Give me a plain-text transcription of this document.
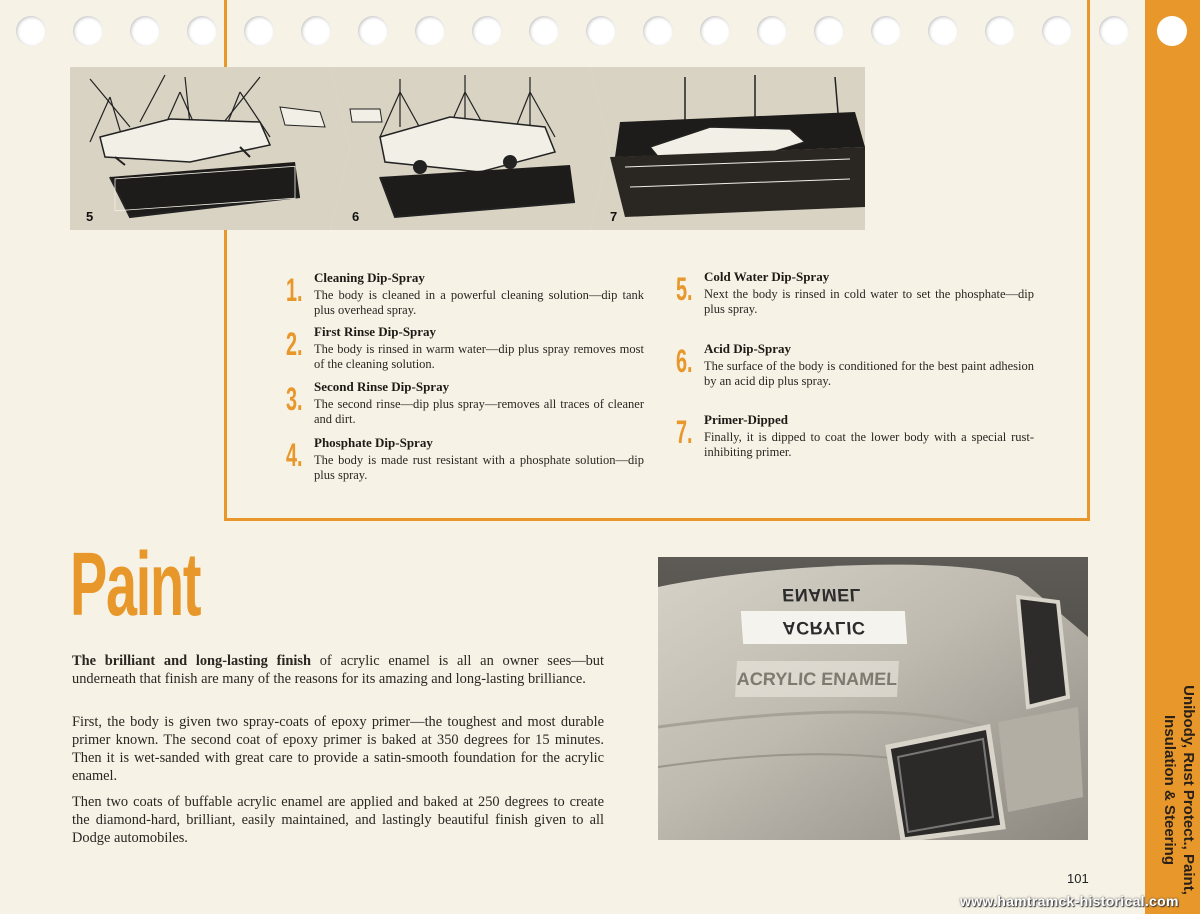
5	6	7
1. Cleaning Dip-Spray
The body is cleaned in a powerful cleaning solution—dip tank plus overhead spray.
2. First Rinse Dip-Spray
The body is rinsed in warm water—dip plus spray removes most of the cleaning solution.
3. Second Rinse Dip-Spray
The second rinse—dip plus spray—removes all traces of cleaner and dirt.
4. Phosphate Dip-Spray
The body is made rust resistant with a phosphate solution—dip plus spray.
5. Cold Water Dip-Spray
Next the body is rinsed in cold water to set the phosphate—dip plus spray.
6. Acid Dip-Spray
The surface of the body is conditioned for the best paint adhesion by an acid dip plus spray.
7. Primer-Dipped
Finally, it is dipped to coat the lower body with a special rust-inhibiting primer.
Paint

The brilliant and long-lasting finish of acrylic enamel is all an owner sees—but underneath that finish are many of the reasons for its amazing and long-lasting brilliance.

First, the body is given two spray-coats of epoxy primer—the toughest and most durable primer known. The second coat of epoxy primer is baked at 350 degrees for 15 minutes. Then it is wet-sanded with great care to provide a satin-smooth foundation for the acrylic enamel.

Then two coats of buffable acrylic enamel are applied and baked at 250 degrees to create the diamond-hard, brilliant, easily maintained, and lastingly beautiful finish given to all Dodge automobiles.

ACRYLIC ENAMEL
ACRYLIC ENAMEL
Unibody, Rust Protect., Paint,
Insulation & Steering
101
www.hamtramck-historical.com
